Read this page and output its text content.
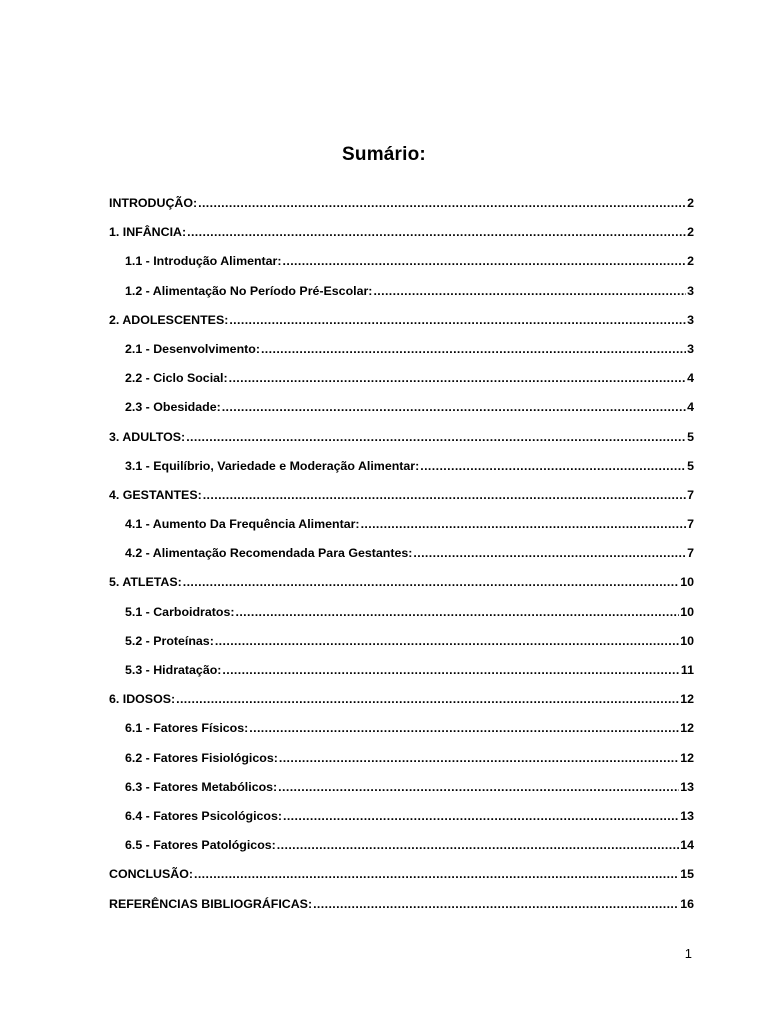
Sumário:
INTRODUÇÃO: .....	2
1. INFÂNCIA: .....	2
1.1 - Introdução Alimentar: .....	2
1.2 - Alimentação No Período Pré-Escolar: .....	3
2. ADOLESCENTES: .....	3
2.1 - Desenvolvimento: .....	3
2.2 - Ciclo Social: .....	4
2.3 - Obesidade: .....	4
3. ADULTOS: .....	5
3.1 - Equilíbrio, Variedade e Moderação Alimentar: .....	5
4. GESTANTES: .....	7
4.1 - Aumento Da Frequência Alimentar: .....	7
4.2 - Alimentação Recomendada Para Gestantes: .....	7
5. ATLETAS: .....	10
5.1 - Carboidratos: .....	10
5.2 - Proteínas: .....	10
5.3 - Hidratação: .....	11
6. IDOSOS: .....	12
6.1 - Fatores Físicos: .....	12
6.2 - Fatores Fisiológicos: .....	12
6.3 - Fatores Metabólicos: .....	13
6.4 - Fatores Psicológicos: .....	13
6.5 - Fatores Patológicos: .....	14
CONCLUSÃO: .....	15
REFERÊNCIAS BIBLIOGRÁFICAS: .....	16
1
